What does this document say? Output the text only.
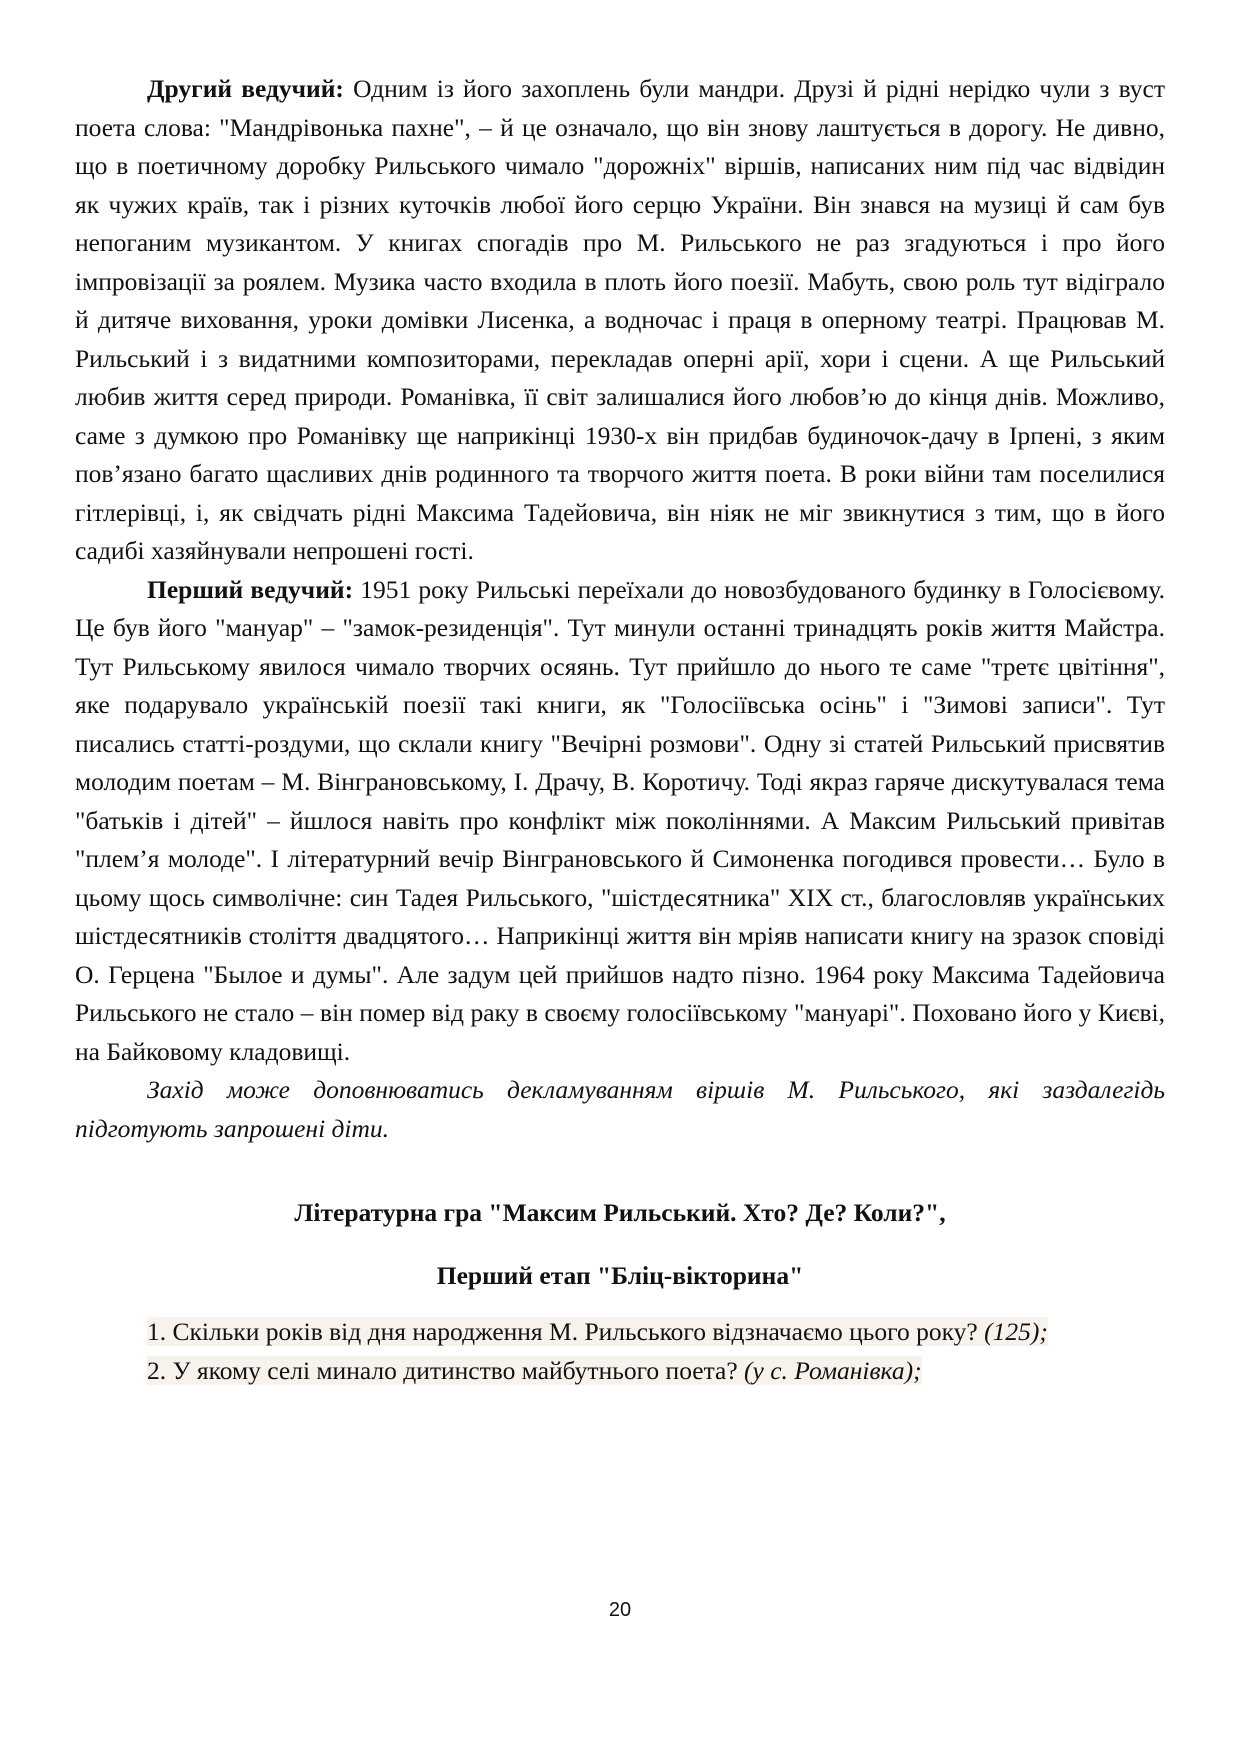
Другий ведучий: Одним із його захоплень були мандри. Друзі й рідні нерідко чули з вуст поета слова: "Мандрівонька пахне", – й це означало, що він знову лаштується в дорогу. Не дивно, що в поетичному доробку Рильського чимало "дорожніх" віршів, написаних ним під час відвідин як чужих країв, так і різних куточків любої його серцю України. Він знався на музиці й сам був непоганим музикантом. У книгах спогадів про М. Рильського не раз згадуються і про його імпровізації за роялем. Музика часто входила в плоть його поезії. Мабуть, свою роль тут відіграло й дитяче виховання, уроки домівки Лисенка, а водночас і праця в оперному театрі. Працював М. Рильський і з видатними композиторами, перекладав оперні арії, хори і сцени. А ще Рильський любив життя серед природи. Романівка, її світ залишалися його любов’ю до кінця днів. Можливо, саме з думкою про Романівку ще наприкінці 1930-х він придбав будиночок-дачу в Ірпені, з яким пов’язано багато щасливих днів родинного та творчого життя поета. В роки війни там поселилися гітлерівці, і, як свідчать рідні Максима Тадейовича, він ніяк не міг звикнутися з тим, що в його садибі хазяйнували непрошені гості.

Перший ведучий: 1951 року Рильські переїхали до новозбудованого будинку в Голосієвому. Це був його "мануар" – "замок-резиденція". Тут минули останні тринадцять років життя Майстра. Тут Рильському явилося чимало творчих осяянь. Тут прийшло до нього те саме "третє цвітіння", яке подарувало українській поезії такі книги, як "Голосіївська осінь" і "Зимові записи". Тут писались статті-роздуми, що склали книгу "Вечірні розмови". Одну зі статей Рильський присвятив молодим поетам – М. Вінграновському, І. Драчу, В. Коротичу. Тоді якраз гаряче дискутувалася тема "батьків і дітей" – йшлося навіть про конфлікт між поколіннями. А Максим Рильський привітав "плем’я молоде". І літературний вечір Вінграновського й Симоненка погодився провести… Було в цьому щось символічне: син Тадея Рильського, "шістдесятника" XIX ст., благословляв українських шістдесятників століття двадцятого… Наприкінці життя він мріяв написати книгу на зразок сповіді О. Герцена "Былое и думы". Але задум цей прийшов надто пізно. 1964 року Максима Тадейовича Рильського не стало – він помер від раку в своєму голосіївському "мануарі". Поховано його у Києві, на Байковому кладовищі.

Захід може доповнюватись декламуванням віршів М. Рильського, які заздалегідь підготують запрошені діти.

Літературна гра "Максим Рильський. Хто? Де? Коли?",
Перший етап "Бліц-вікторина"

1. Скільки років від дня народження М. Рильського відзначаємо цього року? (125);

2. У якому селі минало дитинство майбутнього поета? (у с. Романівка);

20
